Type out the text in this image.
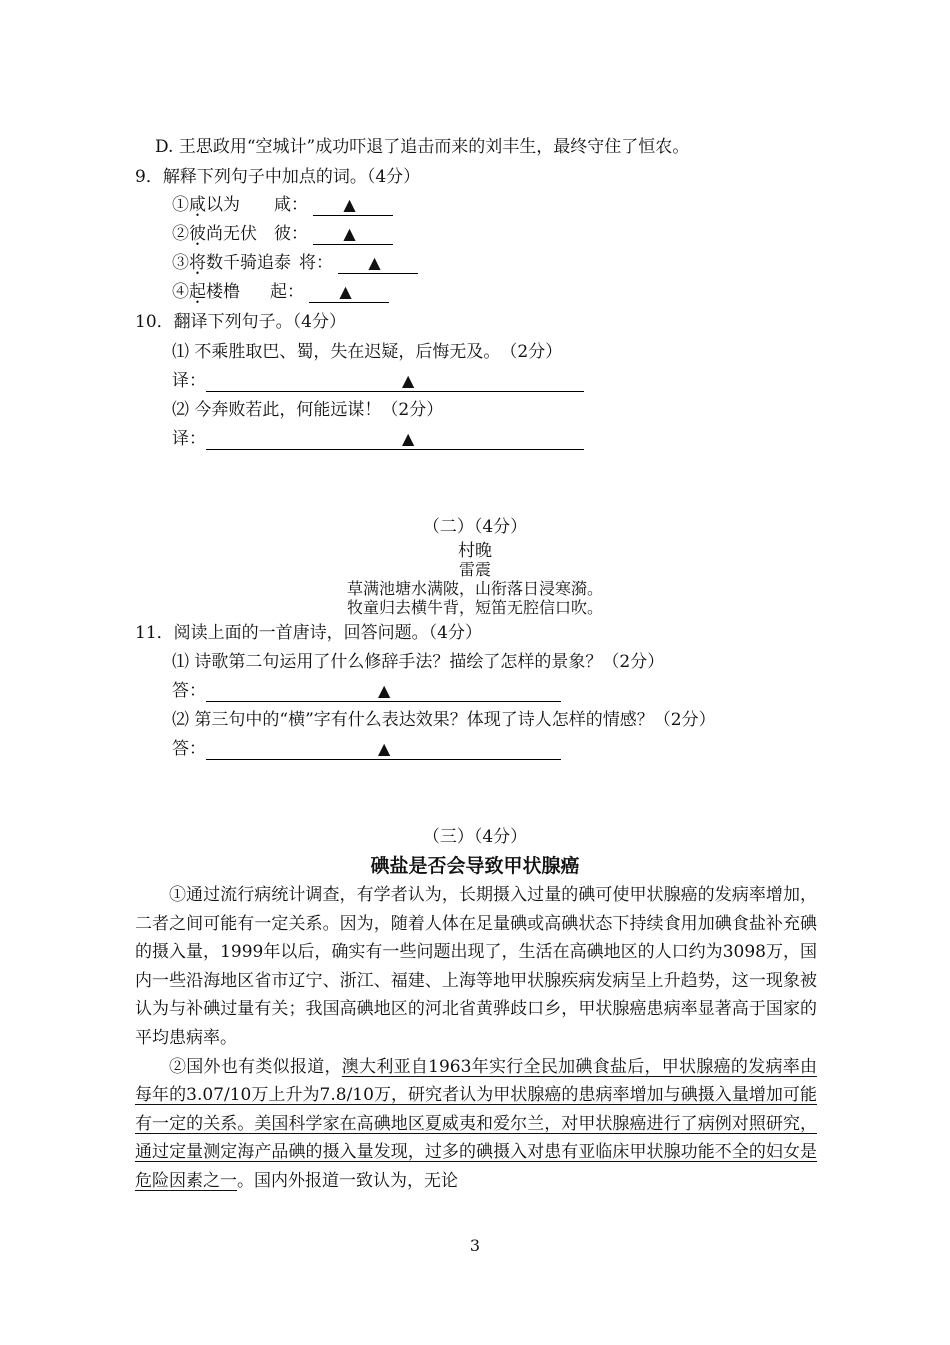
D. 王思政用“空城计”成功吓退了追击而来的刘丰生，最终守住了恒农。
9．解释下列句子中加点的词。（4分）
①咸以为 咸： ▲
②彼尚无伏 彼： ▲
③将数千骑追泰 将： ▲
④起楼橹 起： ▲
10．翻译下列句子。（4分）
⑴ 不乘胜取巴、蜀，失在迟疑，后悔无及。　（2分）
译：	▲
⑵ 今奔败若此，何能远谋！（2分）
译：	▲
（二）（4分）
村晚
雷震
草满池塘水满陂，山衔落日浸寒漪。
牧童归去横牛背，短笛无腔信口吹。
11．阅读上面的一首唐诗，回答问题。（4分）
⑴ 诗歌第二句运用了什么修辞手法？描绘了怎样的景象？（2分）
答：	▲
⑵ 第三句中的“横”字有什么表达效果？体现了诗人怎样的情感？（2分）
答：	▲
（三）（4分）
碘盐是否会导致甲状腺癌

①通过流行病统计调查，有学者认为，长期摄入过量的碘可使甲状腺癌的发病率增加，二者之间可能有一定关系。因为，随着人体在足量碘或高碘状态下持续食用加碘食盐补充碘的摄入量，1999年以后，确实有一些问题出现了，生活在高碘地区的人口约为3098万，国内一些沿海地区省市辽宁、浙江、福建、上海等地甲状腺疾病发病呈上升趋势，这一现象被认为与补碘过量有关；我国高碘地区的河北省黄骅歧口乡，甲状腺癌患病率显著高于国家的平均患病率。

②国外也有类似报道，澳大利亚自1963年实行全民加碘食盐后，甲状腺癌的发病率由每年的3.07/10万上升为7.8/10万，研究者认为甲状腺癌的患病率增加与碘摄入量增加可能有一定的关系。美国科学家在高碘地区夏威夷和爱尔兰，对甲状腺癌进行了病例对照研究，通过定量测定海产品碘的摄入量发现，过多的碘摄入对患有亚临床甲状腺功能不全的妇女是危险因素之一。国内外报道一致认为，无论

3
